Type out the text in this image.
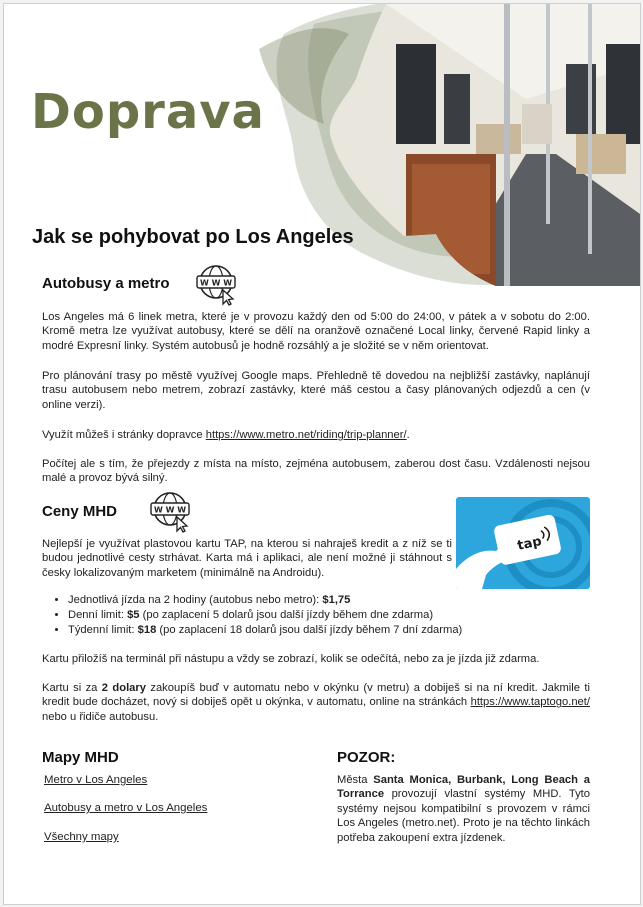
Doprava
Jak se pohybovat po Los Angeles
Autobusy a metro	W W W
Los Angeles má 6 linek metra, které je v provozu každý den od 5:00 do 24:00, v pátek a v sobotu do 2:00. Kromě metra lze využívat autobusy, které se dělí na oranžově označené Local linky, červené Rapid linky a modré Expresní linky. Systém autobusů je hodně rozsáhlý a je složité se v něm orientovat.
Pro plánování trasy po městě využívej Google maps. Přehledně tě dovedou na nejbližší zastávky, naplánují trasu autobusem nebo metrem, zobrazí zastávky, které máš cestou a časy plánovaných odjezdů a cen (v online verzi).
Využít můžeš i stránky dopravce https://www.metro.net/riding/trip-planner/.
Počítej ale s tím, že přejezdy z místa na místo, zejména autobusem, zaberou dost času. Vzdálenosti nejsou malé a provoz bývá silný.
Ceny MHD	W W W
tap
Nejlepší je využívat plastovou kartu TAP, na kterou si nahraješ kredit a z níž se ti budou jednotlivé cesty strhávat. Karta má i aplikaci, ale není možné ji stáhnout s česky lokalizovaným marketem (minimálně na Androidu).
• Jednotlivá jízda na 2 hodiny (autobus nebo metro): $1,75
• Denní limit: $5 (po zaplacení 5 dolarů jsou další jízdy během dne zdarma)
• Týdenní limit: $18 (po zaplacení 18 dolarů jsou další jízdy během 7 dní zdarma)
Kartu přiložíš na terminál při nástupu a vždy se zobrazí, kolik se odečítá, nebo za je jízda již zdarma.
Kartu si za 2 dolary zakoupíš buď v automatu nebo v okýnku (v metru) a dobiješ si na ní kredit. Jakmile ti kredit bude docházet, nový si dobiješ opět u okýnka, v automatu, online na stránkách https://www.taptogo.net/ nebo u řidiče autobusu.
Mapy MHD
Metro v Los Angeles
Autobusy a metro v Los Angeles
Všechny mapy
POZOR:
Města Santa Monica, Burbank, Long Beach a Torrance provozují vlastní systémy MHD. Tyto systémy nejsou kompatibilní s provozem v rámci Los Angeles (metro.net). Proto je na těchto linkách potřeba zakoupení extra jízdenek.
